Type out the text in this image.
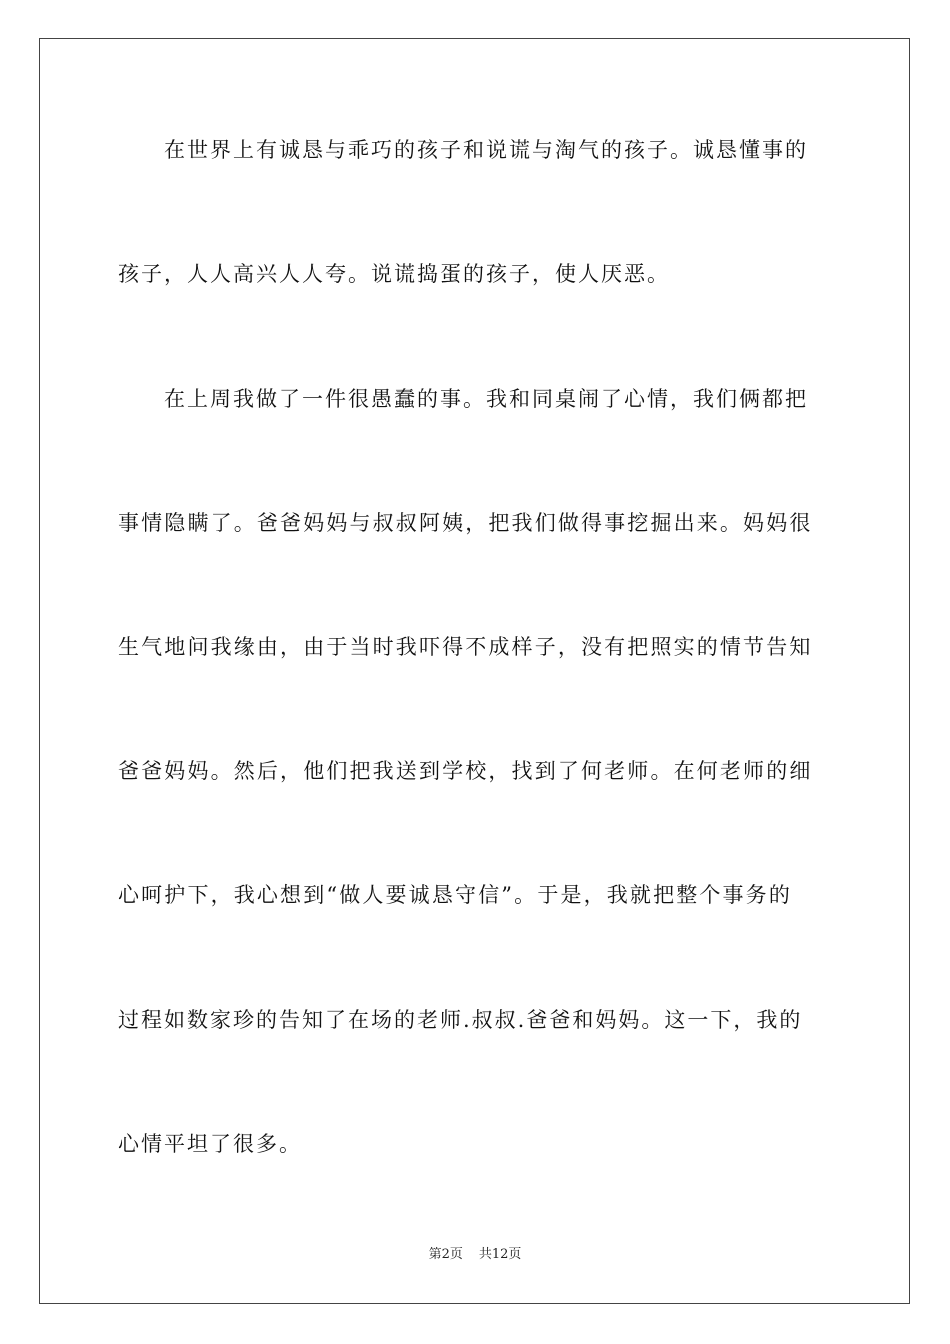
在世界上有诚恳与乖巧的孩子和说谎与淘气的孩子。诚恳懂事的
孩子，人人高兴人人夸。说谎捣蛋的孩子，使人厌恶。
在上周我做了一件很愚蠢的事。我和同桌闹了心情，我们俩都把
事情隐瞒了。爸爸妈妈与叔叔阿姨，把我们做得事挖掘出来。妈妈很
生气地问我缘由，由于当时我吓得不成样子，没有把照实的情节告知
爸爸妈妈。然后，他们把我送到学校，找到了何老师。在何老师的细
心呵护下，我心想到“做人要诚恳守信”。于是，我就把整个事务的
过程如数家珍的告知了在场的老师.叔叔.爸爸和妈妈。这一下，我的
心情平坦了很多。
第2页 共12页
